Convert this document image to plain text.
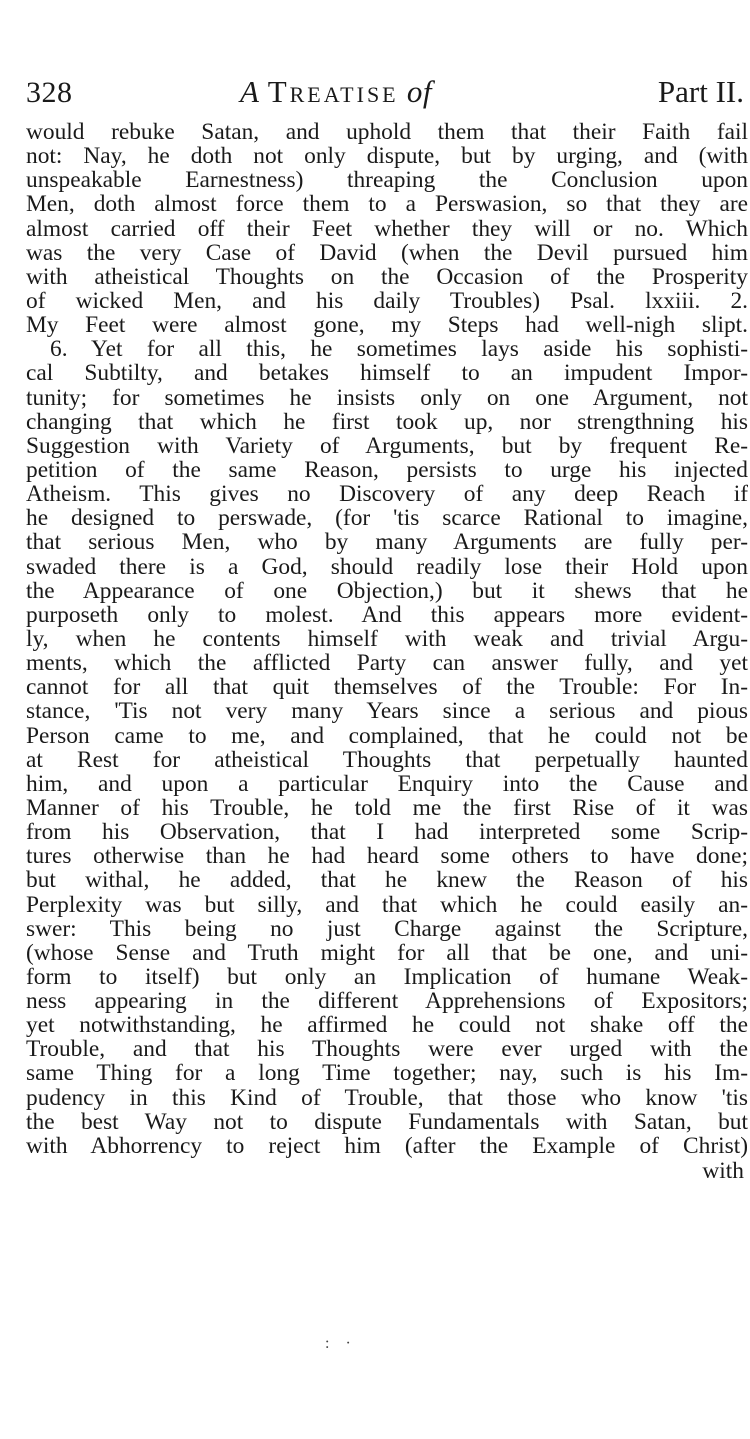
328	A Treatise of	Part II.
would rebuke Satan, and uphold them that their Faith fail
not: Nay, he doth not only dispute, but by urging, and (with
unspeakable Earnestness) threaping the Conclusion upon
Men, doth almost force them to a Perswasion, so that they are
almost carried off their Feet whether they will or no. Which
was the very Case of David (when the Devil pursued him
with atheistical Thoughts on the Occasion of the Prosperity
of wicked Men, and his daily Troubles) Psal. lxxiii. 2.
My Feet were almost gone, my Steps had well-nigh slipt.
6. Yet for all this, he sometimes lays aside his sophisti-
cal Subtilty, and betakes himself to an impudent Impor-
tunity; for sometimes he insists only on one Argument, not
changing that which he first took up, nor strengthning his
Suggestion with Variety of Arguments, but by frequent Re-
petition of the same Reason, persists to urge his injected
Atheism. This gives no Discovery of any deep Reach if
he designed to perswade, (for 'tis scarce Rational to imagine,
that serious Men, who by many Arguments are fully per-
swaded there is a God, should readily lose their Hold upon
the Appearance of one Objection,) but it shews that he
purposeth only to molest. And this appears more evident-
ly, when he contents himself with weak and trivial Argu-
ments, which the afflicted Party can answer fully, and yet
cannot for all that quit themselves of the Trouble: For In-
stance, 'Tis not very many Years since a serious and pious
Person came to me, and complained, that he could not be
at Rest for atheistical Thoughts that perpetually haunted
him, and upon a particular Enquiry into the Cause and
Manner of his Trouble, he told me the first Rise of it was
from his Observation, that I had interpreted some Scrip-
tures otherwise than he had heard some others to have done;
but withal, he added, that he knew the Reason of his
Perplexity was but silly, and that which he could easily an-
swer: This being no just Charge against the Scripture,
(whose Sense and Truth might for all that be one, and uni-
form to itself) but only an Implication of humane Weak-
ness appearing in the different Apprehensions of Expositors;
yet notwithstanding, he affirmed he could not shake off the
Trouble, and that his Thoughts were ever urged with the
same Thing for a long Time together; nay, such is his Im-
pudency in this Kind of Trouble, that those who know 'tis
the best Way not to dispute Fundamentals with Satan, but
with Abhorrency to reject him (after the Example of Christ)
with
: ·
